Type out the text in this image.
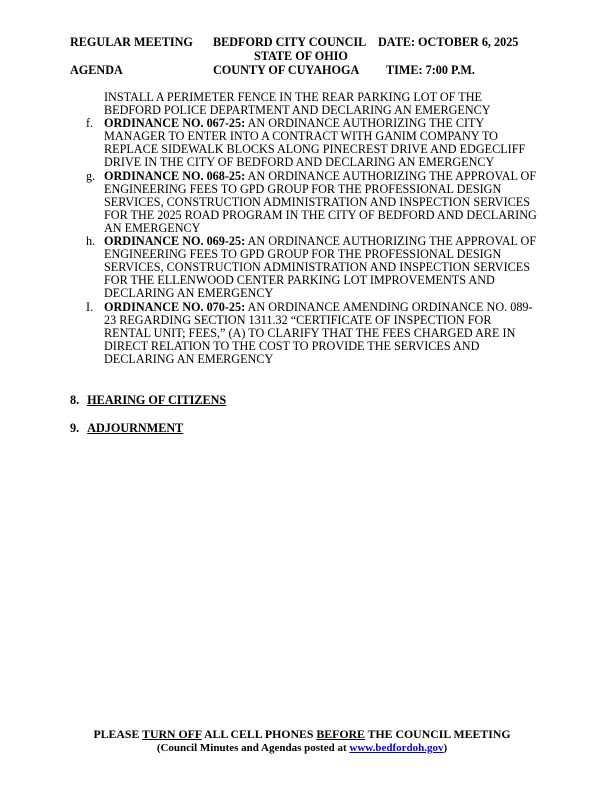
REGULAR MEETING BEDFORD CITY COUNCIL DATE: OCTOBER 6, 2025
STATE OF OHIO
AGENDA	COUNTY OF CUYAHOGA TIME: 7:00 P.M.
INSTALL A PERIMETER FENCE IN THE REAR PARKING LOT OF THE BEDFORD POLICE DEPARTMENT AND DECLARING AN EMERGENCY
f. ORDINANCE NO. 067-25: AN ORDINANCE AUTHORIZING THE CITY MANAGER TO ENTER INTO A CONTRACT WITH GANIM COMPANY TO REPLACE SIDEWALK BLOCKS ALONG PINECREST DRIVE AND EDGECLIFF DRIVE IN THE CITY OF BEDFORD AND DECLARING AN EMERGENCY
g. ORDINANCE NO. 068-25: AN ORDINANCE AUTHORIZING THE APPROVAL OF ENGINEERING FEES TO GPD GROUP FOR THE PROFESSIONAL DESIGN SERVICES, CONSTRUCTION ADMINISTRATION AND INSPECTION SERVICES FOR THE 2025 ROAD PROGRAM IN THE CITY OF BEDFORD AND DECLARING AN EMERGENCY
h. ORDINANCE NO. 069-25: AN ORDINANCE AUTHORIZING THE APPROVAL OF ENGINEERING FEES TO GPD GROUP FOR THE PROFESSIONAL DESIGN SERVICES, CONSTRUCTION ADMINISTRATION AND INSPECTION SERVICES FOR THE ELLENWOOD CENTER PARKING LOT IMPROVEMENTS AND DECLARING AN EMERGENCY
I. ORDINANCE NO. 070-25: AN ORDINANCE AMENDING ORDINANCE NO. 089-23 REGARDING SECTION 1311.32 “CERTIFICATE OF INSPECTION FOR RENTAL UNIT; FEES,” (A) TO CLARIFY THAT THE FEES CHARGED ARE IN DIRECT RELATION TO THE COST TO PROVIDE THE SERVICES AND DECLARING AN EMERGENCY
8. HEARING OF CITIZENS
9. ADJOURNMENT
PLEASE TURN OFF ALL CELL PHONES BEFORE THE COUNCIL MEETING
(Council Minutes and Agendas posted at www.bedfordoh.gov)
